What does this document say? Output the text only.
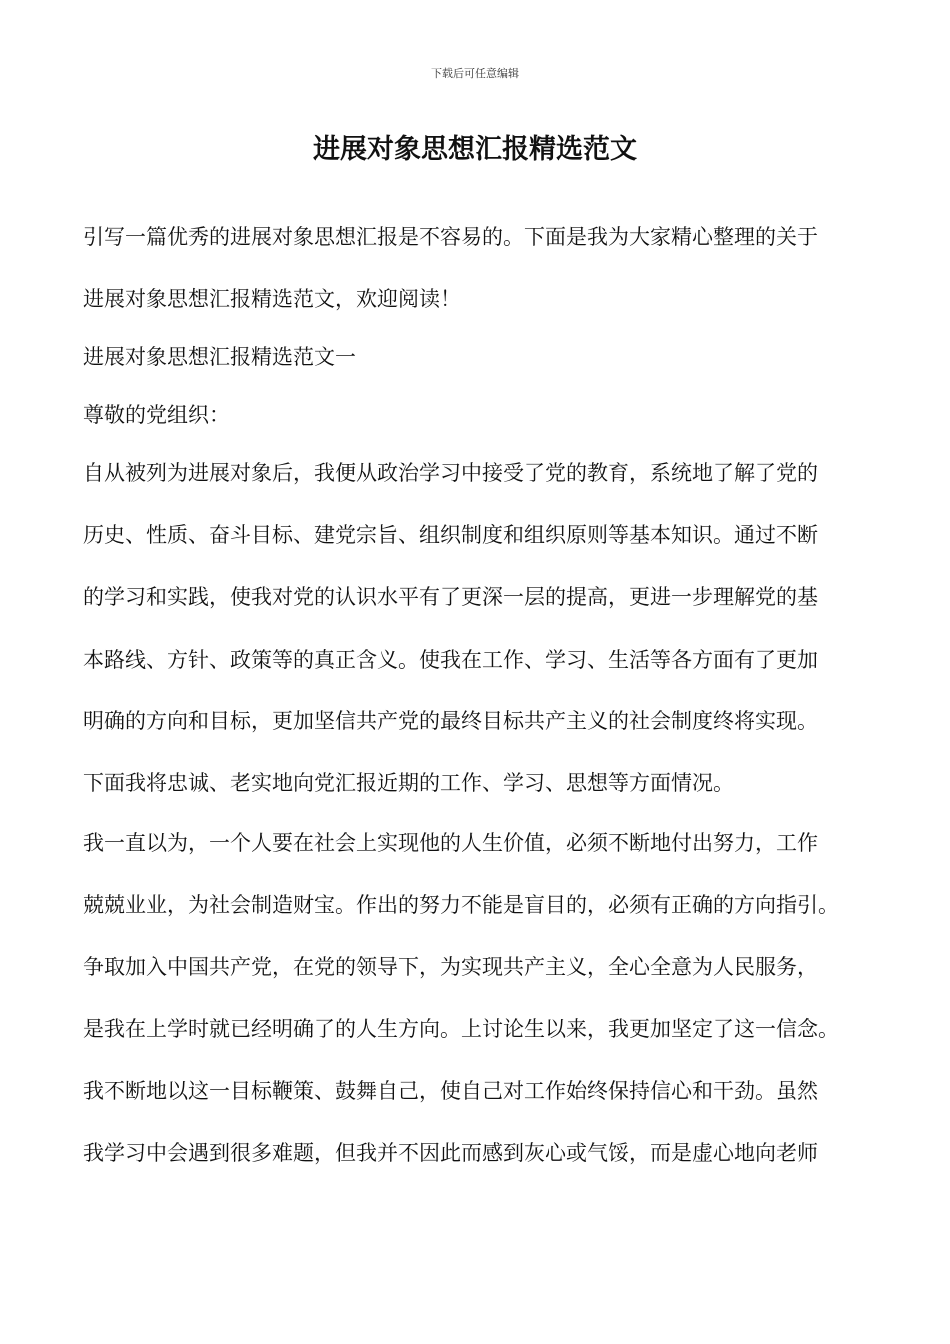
下载后可任意编辑
进展对象思想汇报精选范文
引写一篇优秀的进展对象思想汇报是不容易的。下面是我为大家精心整理的关于
进展对象思想汇报精选范文，欢迎阅读！
进展对象思想汇报精选范文一
尊敬的党组织：
自从被列为进展对象后，我便从政治学习中接受了党的教育，系统地了解了党的
历史、性质、奋斗目标、建党宗旨、组织制度和组织原则等基本知识。通过不断
的学习和实践，使我对党的认识水平有了更深一层的提高，更进一步理解党的基
本路线、方针、政策等的真正含义。使我在工作、学习、生活等各方面有了更加
明确的方向和目标，更加坚信共产党的最终目标共产主义的社会制度终将实现。
下面我将忠诚、老实地向党汇报近期的工作、学习、思想等方面情况。
我一直以为，一个人要在社会上实现他的人生价值，必须不断地付出努力，工作
兢兢业业，为社会制造财宝。作出的努力不能是盲目的，必须有正确的方向指引。
争取加入中国共产党，在党的领导下，为实现共产主义，全心全意为人民服务，
是我在上学时就已经明确了的人生方向。上讨论生以来，我更加坚定了这一信念。
我不断地以这一目标鞭策、鼓舞自己，使自己对工作始终保持信心和干劲。虽然
我学习中会遇到很多难题，但我并不因此而感到灰心或气馁，而是虚心地向老师
